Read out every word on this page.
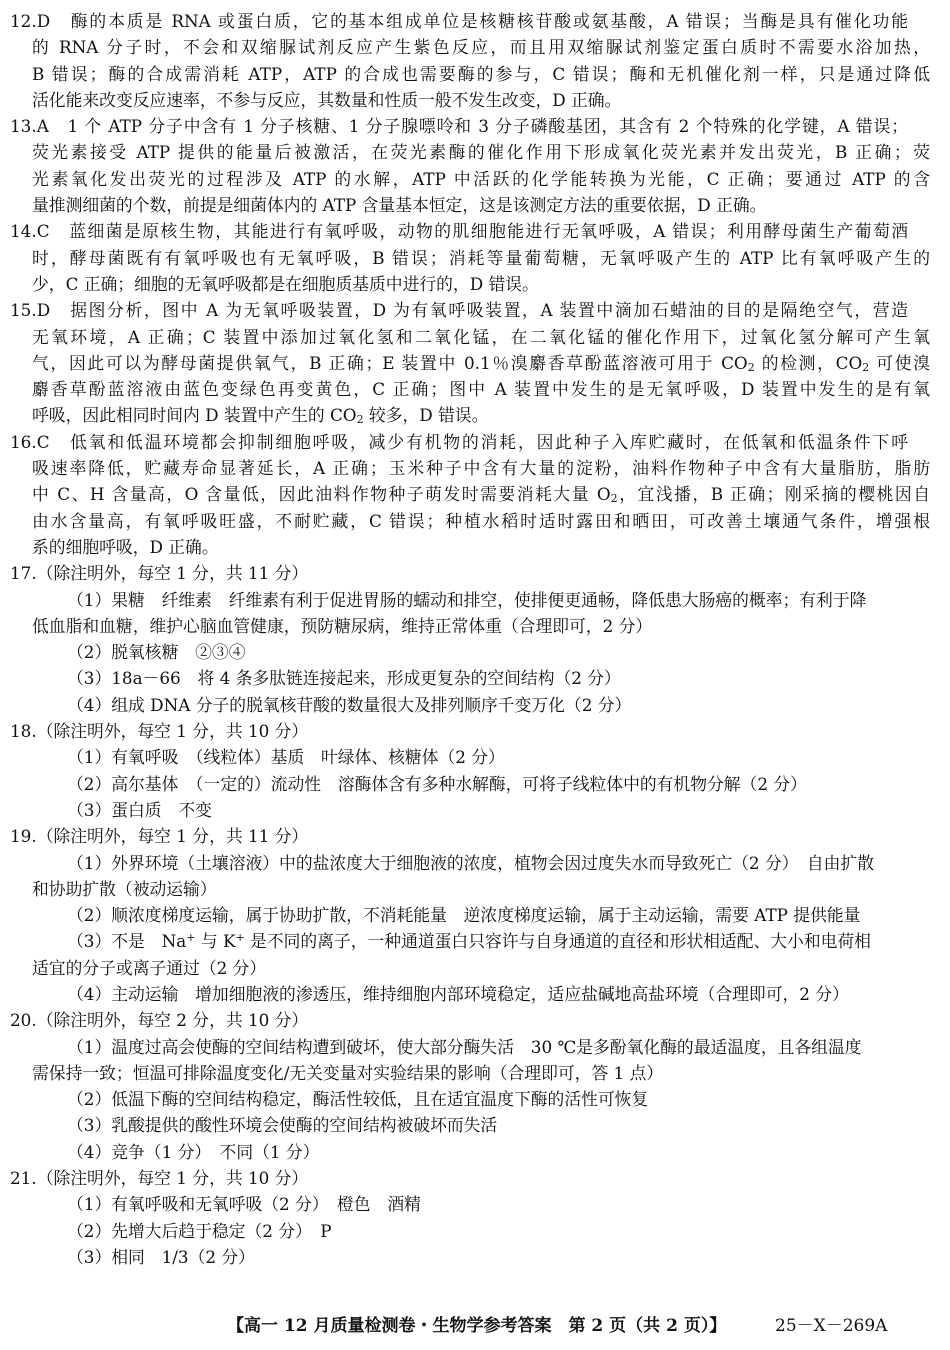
12.D　酶的本质是 RNA 或蛋白质，它的基本组成单位是核糖核苷酸或氨基酸，A 错误；当酶是具有催化功能
的 RNA 分子时，不会和双缩脲试剂反应产生紫色反应，而且用双缩脲试剂鉴定蛋白质时不需要水浴加热，
B 错误；酶的合成需消耗 ATP，ATP 的合成也需要酶的参与，C 错误；酶和无机催化剂一样，只是通过降低
活化能来改变反应速率，不参与反应，其数量和性质一般不发生改变，D 正确。
13.A　1 个 ATP 分子中含有 1 分子核糖、1 分子腺嘌呤和 3 分子磷酸基团，其含有 2 个特殊的化学键，A 错误；
荧光素接受 ATP 提供的能量后被激活，在荧光素酶的催化作用下形成氧化荧光素并发出荧光，B 正确；荧
光素氧化发出荧光的过程涉及 ATP 的水解，ATP 中活跃的化学能转换为光能，C 正确；要通过 ATP 的含
量推测细菌的个数，前提是细菌体内的 ATP 含量基本恒定，这是该测定方法的重要依据，D 正确。
14.C　蓝细菌是原核生物，其能进行有氧呼吸，动物的肌细胞能进行无氧呼吸，A 错误；利用酵母菌生产葡萄酒
时，酵母菌既有有氧呼吸也有无氧呼吸，B 错误；消耗等量葡萄糖，无氧呼吸产生的 ATP 比有氧呼吸产生的
少，C 正确；细胞的无氧呼吸都是在细胞质基质中进行的，D 错误。
15.D　据图分析，图中 A 为无氧呼吸装置，D 为有氧呼吸装置，A 装置中滴加石蜡油的目的是隔绝空气，营造
无氧环境，A 正确；C 装置中添加过氧化氢和二氧化锰，在二氧化锰的催化作用下，过氧化氢分解可产生氧
气，因此可以为酵母菌提供氧气，B 正确；E 装置中 0.1％溴麝香草酚蓝溶液可用于 $CO_2$ 的检测，$CO_2$ 可使溴
麝香草酚蓝溶液由蓝色变绿色再变黄色，C 正确；图中 A 装置中发生的是无氧呼吸，D 装置中发生的是有氧
呼吸，因此相同时间内 D 装置中产生的 $CO_2$ 较多，D 错误。
16.C　低氧和低温环境都会抑制细胞呼吸，减少有机物的消耗，因此种子入库贮藏时，在低氧和低温条件下呼
吸速率降低，贮藏寿命显著延长，A 正确；玉米种子中含有大量的淀粉，油料作物种子中含有大量脂肪，脂肪
中 C、H 含量高，O 含量低，因此油料作物种子萌发时需要消耗大量 $O_2$，宜浅播，B 正确；刚采摘的樱桃因自
由水含量高，有氧呼吸旺盛，不耐贮藏，C 错误；种植水稻时适时露田和晒田，可改善土壤通气条件，增强根
系的细胞呼吸，D 正确。
17.（除注明外，每空 1 分，共 11 分）
（1）果糖　纤维素　纤维素有利于促进胃肠的蠕动和排空，使排便更通畅，降低患大肠癌的概率；有利于降
低血脂和血糖，维护心脑血管健康，预防糖尿病，维持正常体重（合理即可，2 分）
（2）脱氧核糖　②③④
（3）18a－66　将 4 条多肽链连接起来，形成更复杂的空间结构（2 分）
（4）组成 DNA 分子的脱氧核苷酸的数量很大及排列顺序千变万化（2 分）
18.（除注明外，每空 1 分，共 10 分）
（1）有氧呼吸　（线粒体）基质　叶绿体、核糖体（2 分）
（2）高尔基体　（一定的）流动性　溶酶体含有多种水解酶，可将子线粒体中的有机物分解（2 分）
（3）蛋白质　不变
19.（除注明外，每空 1 分，共 11 分）
（1）外界环境（土壤溶液）中的盐浓度大于细胞液的浓度，植物会因过度失水而导致死亡（2 分）　自由扩散
和协助扩散（被动运输）
（2）顺浓度梯度运输，属于协助扩散，不消耗能量　逆浓度梯度运输，属于主动运输，需要 ATP 提供能量
（3）不是　Na+ 与 K+ 是不同的离子，一种通道蛋白只容许与自身通道的直径和形状相适配、大小和电荷相
适宜的分子或离子通过（2 分）
（4）主动运输　增加细胞液的渗透压，维持细胞内部环境稳定，适应盐碱地高盐环境（合理即可，2 分）
20.（除注明外，每空 2 分，共 10 分）
（1）温度过高会使酶的空间结构遭到破坏，使大部分酶失活　30 ℃是多酚氧化酶的最适温度，且各组温度
需保持一致；恒温可排除温度变化/无关变量对实验结果的影响（合理即可，答 1 点）
（2）低温下酶的空间结构稳定，酶活性较低，且在适宜温度下酶的活性可恢复
（3）乳酸提供的酸性环境会使酶的空间结构被破坏而失活
（4）竞争（1 分）　不同（1 分）
21.（除注明外，每空 1 分，共 10 分）
（1）有氧呼吸和无氧呼吸（2 分）　橙色　酒精
（2）先增大后趋于稳定（2 分）　P
（3）相同　1/3（2 分）
【高一 12 月质量检测卷・生物学参考答案　第 2 页（共 2 页）】	25－X－269A
